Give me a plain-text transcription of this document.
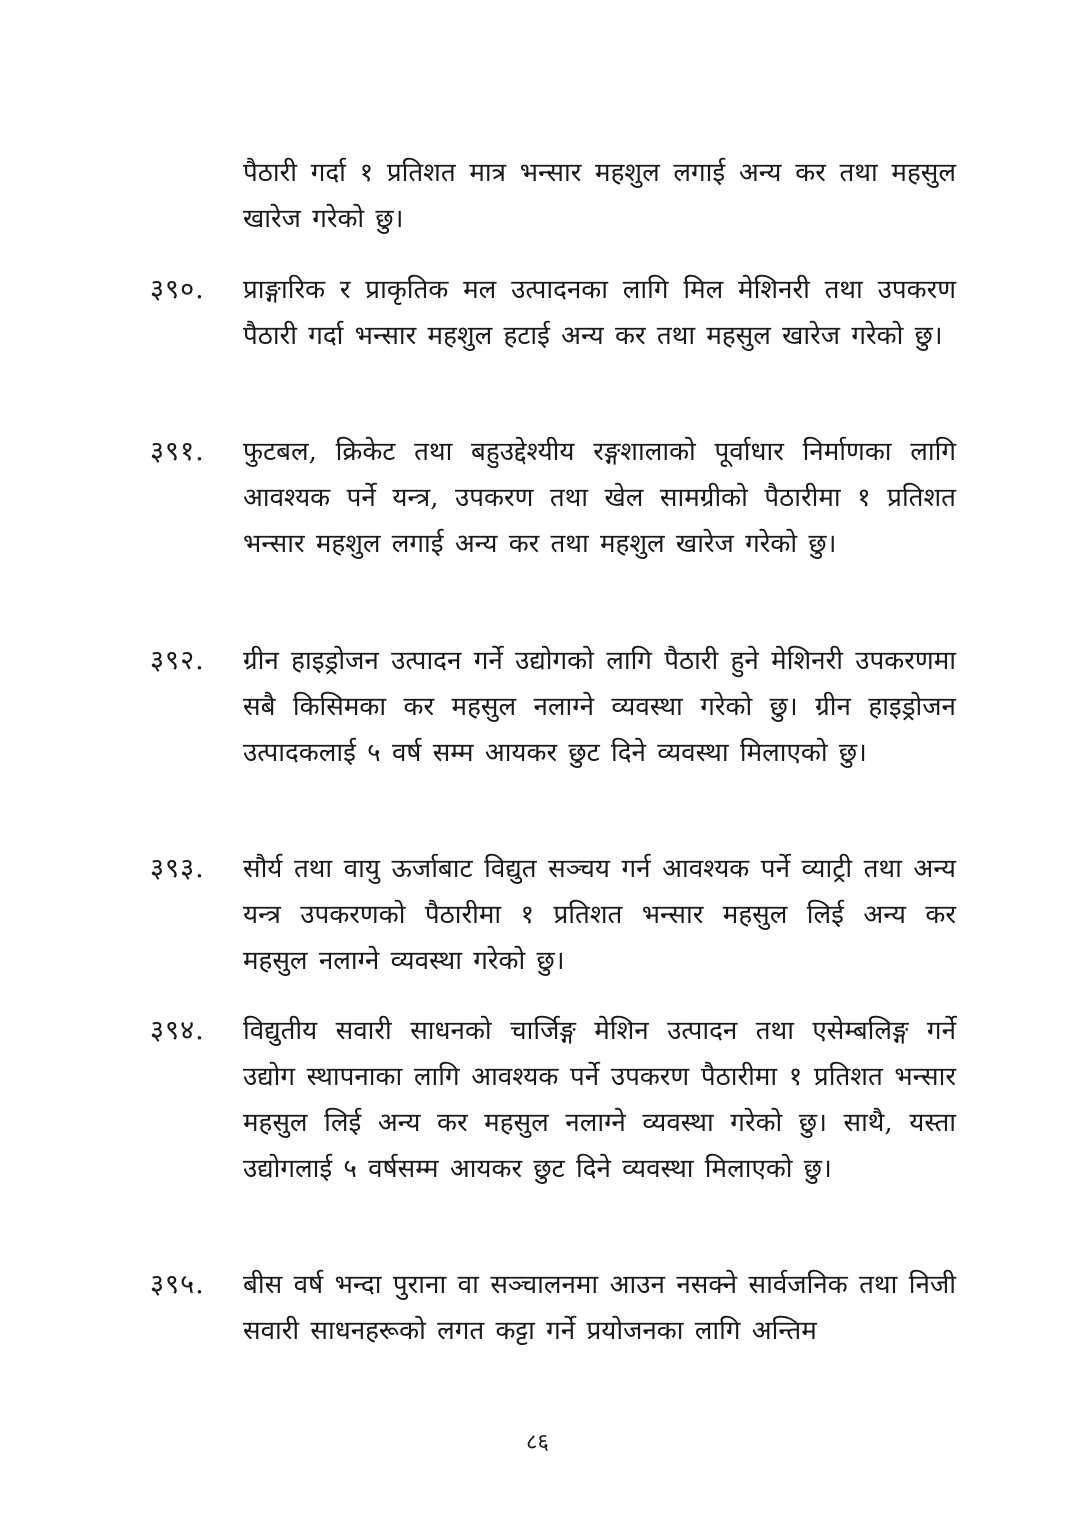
पैठारी गर्दा १ प्रतिशत मात्र भन्सार महशुल लगाई अन्य कर तथा महसुल खारेज गरेको छु।
३९०.	प्राङ्गारिक र प्राकृतिक मल उत्पादनका लागि मिल मेशिनरी तथा उपकरण पैठारी गर्दा भन्सार महशुल हटाई अन्य कर तथा महसुल खारेज गरेको छु।
३९१.	फुटबल, क्रिकेट तथा बहुउद्देश्यीय रङ्गशालाको पूर्वाधार निर्माणका लागि आवश्यक पर्ने यन्त्र, उपकरण तथा खेल सामग्रीको पैठारीमा १ प्रतिशत भन्सार महशुल लगाई अन्य कर तथा महशुल खारेज गरेको छु।
३९२.	ग्रीन हाइड्रोजन उत्पादन गर्ने उद्योगको लागि पैठारी हुने मेशिनरी उपकरणमा सबै किसिमका कर महसुल नलाग्ने व्यवस्था गरेको छु। ग्रीन हाइड्रोजन उत्पादकलाई ५ वर्ष सम्म आयकर छुट दिने व्यवस्था मिलाएको छु।
३९३.	सौर्य तथा वायु ऊर्जाबाट विद्युत सञ्चय गर्न आवश्यक पर्ने व्याट्री तथा अन्य यन्त्र उपकरणको पैठारीमा १ प्रतिशत भन्सार महसुल लिई अन्य कर महसुल नलाग्ने व्यवस्था गरेको छु।
३९४.	विद्युतीय सवारी साधनको चार्जिङ्ग मेशिन उत्पादन तथा एसेम्बलिङ्ग गर्ने उद्योग स्थापनाका लागि आवश्यक पर्ने उपकरण पैठारीमा १ प्रतिशत भन्सार महसुल लिई अन्य कर महसुल नलाग्ने व्यवस्था गरेको छु। साथै, यस्ता उद्योगलाई ५ वर्षसम्म आयकर छुट दिने व्यवस्था मिलाएको छु।
३९५.	बीस वर्ष भन्दा पुराना वा सञ्चालनमा आउन नसक्ने सार्वजनिक तथा निजी सवारी साधनहरूको लगत कट्टा गर्ने प्रयोजनका लागि अन्तिम
८६
